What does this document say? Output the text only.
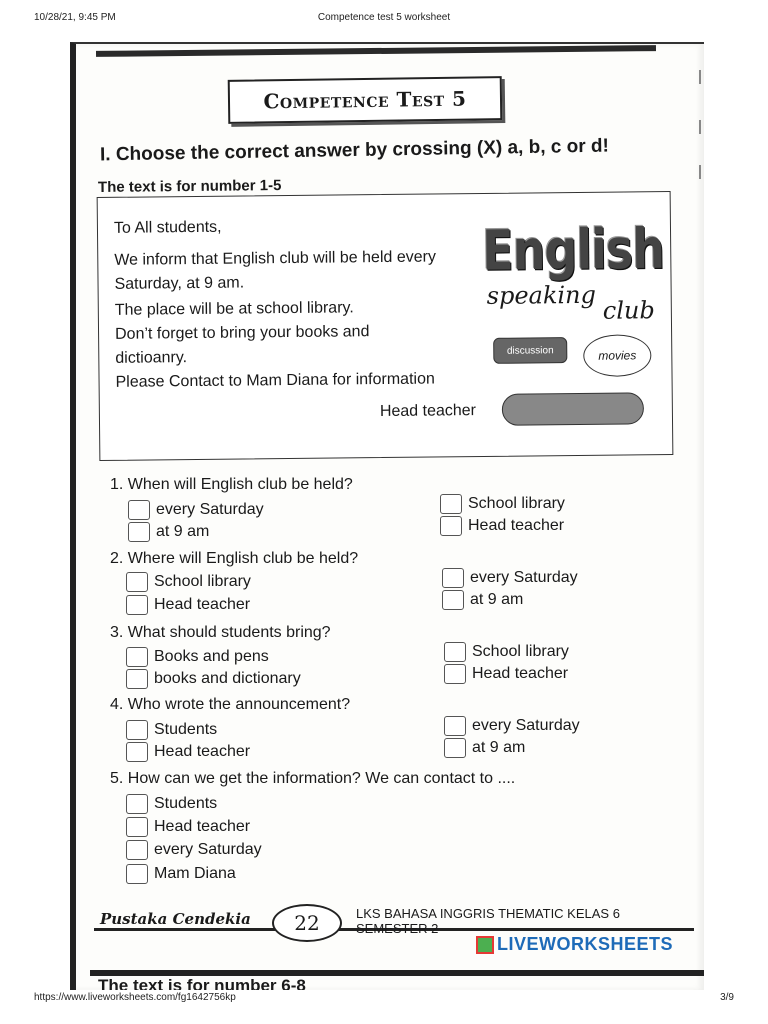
10/28/21, 9:45 PM	Competence test 5 worksheet
Competence Test 5
I. Choose the correct answer by crossing (X) a, b, c or d!
The text is for number 1-5
To All students,
We inform that English club will be held every
Saturday, at 9 am.
The place will be at school library.
Don’t forget to bring your books and
dictioanry.
Please Contact to Mam Diana for information
Head teacher
English
speaking
club
discussion	movies
1. When will English club be held?
every Saturday
at 9 am
School library
Head teacher
2. Where will English club be held?
School library
Head teacher
every Saturday
at 9 am
3. What should students bring?
Books and pens
books and dictionary
School library
Head teacher
4. Who wrote the announcement?
Students
Head teacher
every Saturday
at 9 am
5. How can we get the information? We can contact to ....
Students
Head teacher
every Saturday
Mam Diana
Pustaka Cendekia	22	LKS BAHASA INGGRIS THEMATIC KELAS 6 SEMESTER 2
LIVEWORKSHEETS
The text is for number 6-8
https://www.liveworksheets.com/fg1642756kp	3/9
